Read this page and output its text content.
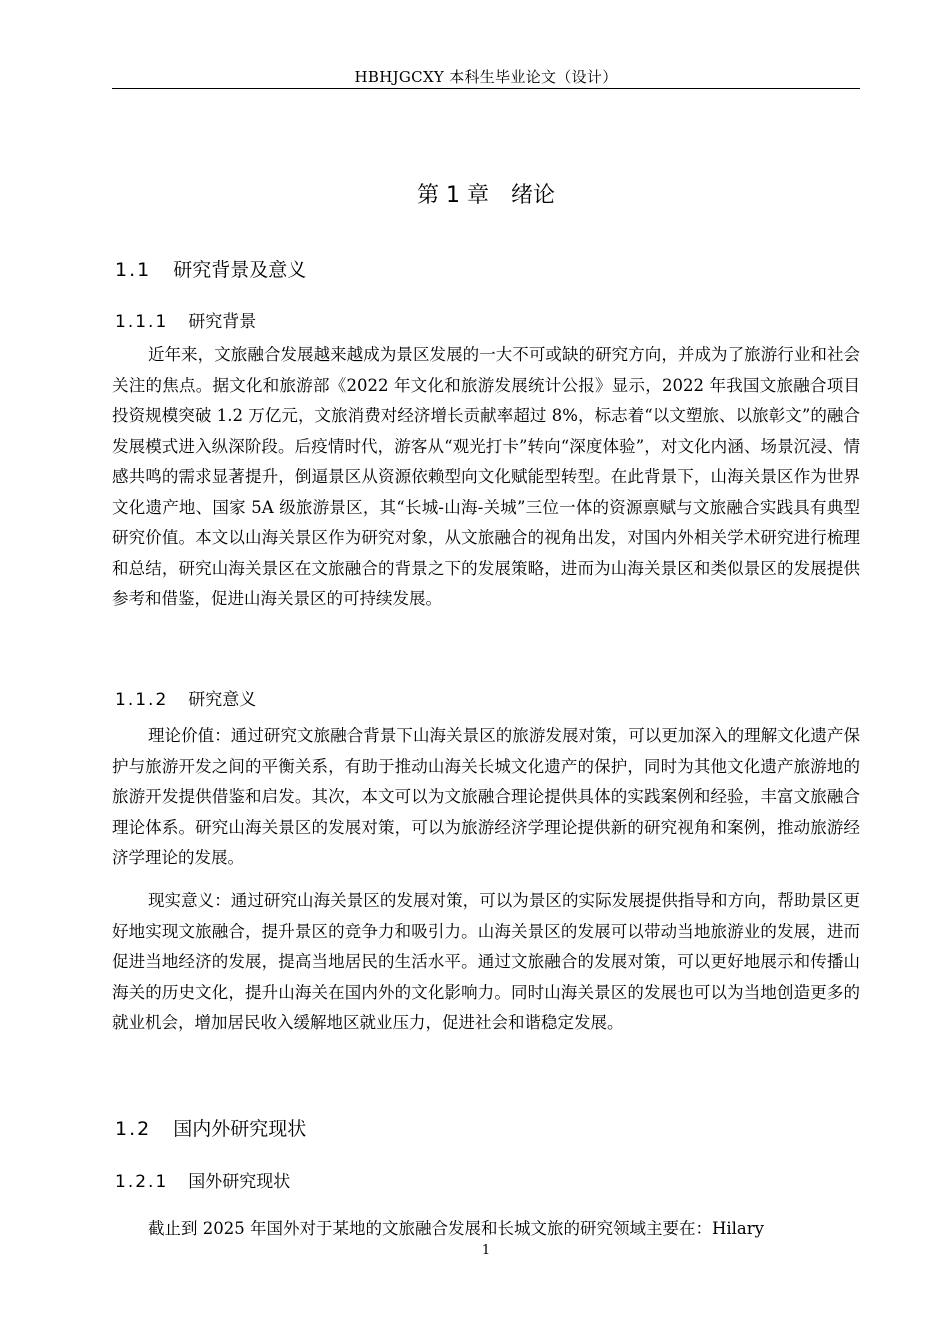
HBHJGCXY 本科生毕业论文（设计）
第 1 章　绪论
1.1 研究背景及意义
1.1.1 研究背景

近年来，文旅融合发展越来越成为景区发展的一大不可或缺的研究方向，并成为了旅游行业和社会关注的焦点。据文化和旅游部《2022 年文化和旅游发展统计公报》显示，2022 年我国文旅融合项目投资规模突破 1.2 万亿元，文旅消费对经济增长贡献率超过 8%，标志着“以文塑旅、以旅彰文”的融合发展模式进入纵深阶段。后疫情时代，游客从“观光打卡”转向“深度体验”，对文化内涵、场景沉浸、情感共鸣的需求显著提升，倒逼景区从资源依赖型向文化赋能型转型。在此背景下，山海关景区作为世界文化遗产地、国家 5A 级旅游景区，其“长城-山海-关城”三位一体的资源禀赋与文旅融合实践具有典型研究价值。本文以山海关景区作为研究对象，从文旅融合的视角出发，对国内外相关学术研究进行梳理和总结，研究山海关景区在文旅融合的背景之下的发展策略，进而为山海关景区和类似景区的发展提供参考和借鉴，促进山海关景区的可持续发展。

1.1.2 研究意义

理论价值：通过研究文旅融合背景下山海关景区的旅游发展对策，可以更加深入的理解文化遗产保护与旅游开发之间的平衡关系，有助于推动山海关长城文化遗产的保护，同时为其他文化遗产旅游地的旅游开发提供借鉴和启发。其次，本文可以为文旅融合理论提供具体的实践案例和经验，丰富文旅融合理论体系。研究山海关景区的发展对策，可以为旅游经济学理论提供新的研究视角和案例，推动旅游经济学理论的发展。

现实意义：通过研究山海关景区的发展对策，可以为景区的实际发展提供指导和方向，帮助景区更好地实现文旅融合，提升景区的竞争力和吸引力。山海关景区的发展可以带动当地旅游业的发展，进而促进当地经济的发展，提高当地居民的生活水平。通过文旅融合的发展对策，可以更好地展示和传播山海关的历史文化，提升山海关在国内外的文化影响力。同时山海关景区的发展也可以为当地创造更多的就业机会，增加居民收入缓解地区就业压力，促进社会和谐稳定发展。

1.2 国内外研究现状
1.2.1 国外研究现状

截止到 2025 年国外对于某地的文旅融合发展和长城文旅的研究领域主要在：Hilary

1
